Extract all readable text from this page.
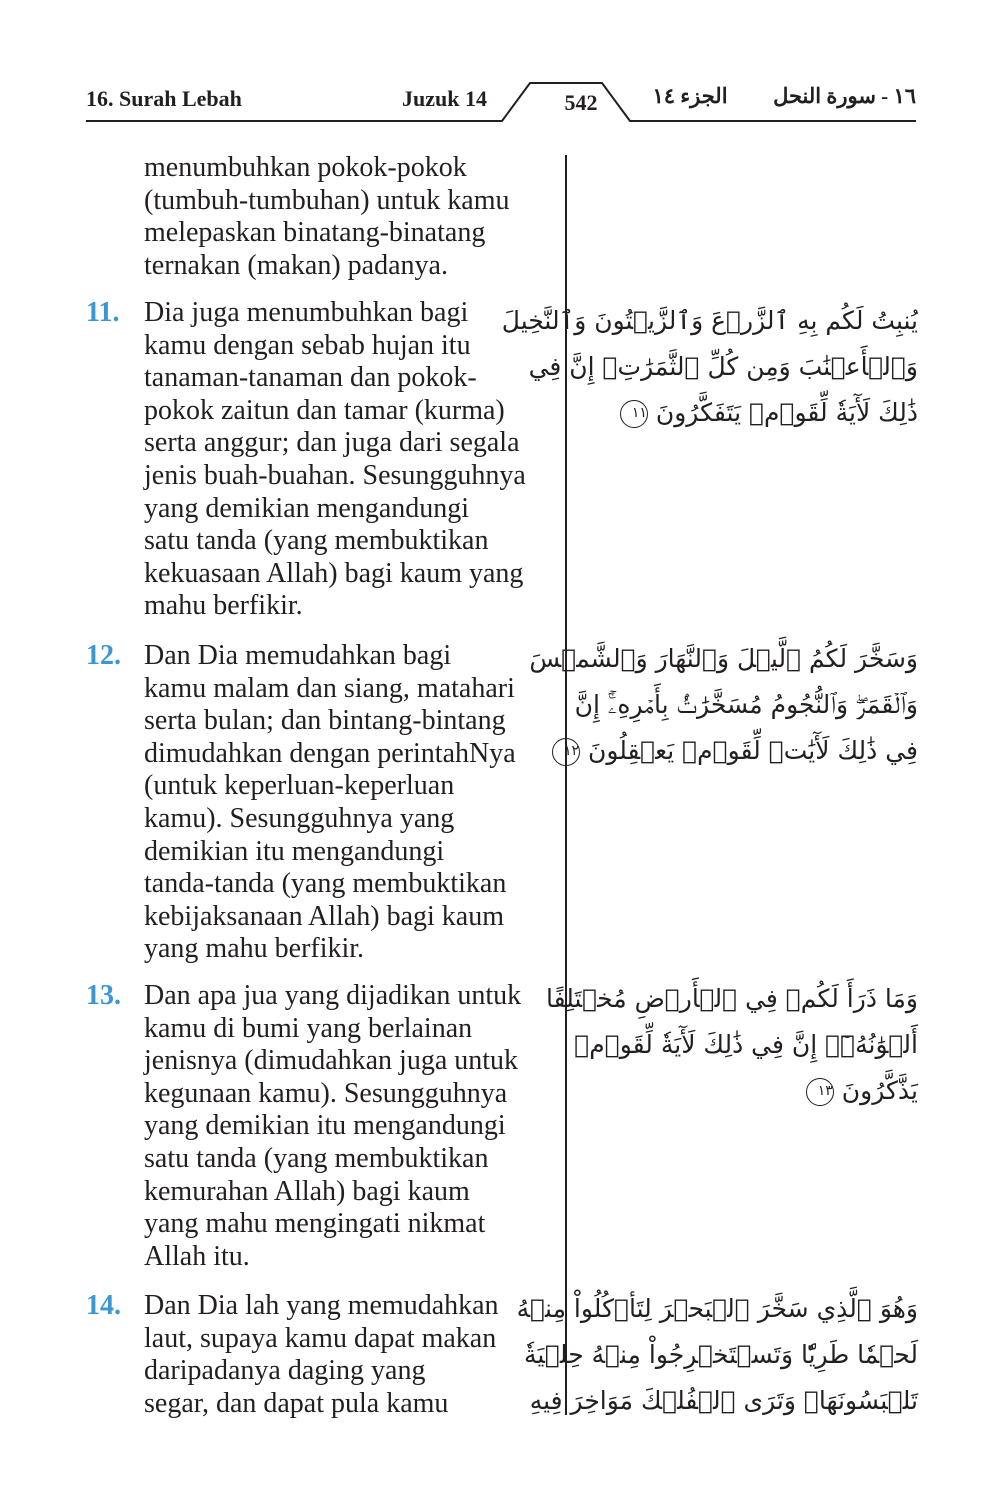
16. Surah Lebah	Juzuk 14	542	الجزء ١٤	١٦ - سورة النحل
menumbuhkan pokok-pokok
(tumbuh-tumbuhan) untuk kamu
melepaskan binatang-binatang
ternakan (makan) padanya.
11. Dia juga menumbuhkan bagi
kamu dengan sebab hujan itu
tanaman-tanaman dan pokok-
pokok zaitun dan tamar (kurma)
serta anggur; dan juga dari segala
jenis buah-buahan. Sesungguhnya
yang demikian mengandungi
satu tanda (yang membuktikan
kekuasaan Allah) bagi kaum yang
mahu berfikir.
يُنبِتُ لَكُم بِهِ ٱلزَّرۡعَ وَٱلزَّيۡتُونَ وَٱلنَّخِيلَ
وَٱلۡأَعۡنَٰبَ وَمِن كُلِّ ٱلثَّمَرَٰتِۚ إِنَّ فِي
ذَٰلِكَ لَأٓيَةٗ لِّقَوۡمٖ يَتَفَكَّرُونَ ١١
12. Dan Dia memudahkan bagi
kamu malam dan siang, matahari
serta bulan; dan bintang-bintang
dimudahkan dengan perintahNya
(untuk keperluan-keperluan
kamu). Sesungguhnya yang
demikian itu mengandungi
tanda-tanda (yang membuktikan
kebijaksanaan Allah) bagi kaum
yang mahu berfikir.
وَسَخَّرَ لَكُمُ ٱلَّيۡلَ وَٱلنَّهَارَ وَٱلشَّمۡسَ
وَٱلۡقَمَرَۖ وَٱلنُّجُومُ مُسَخَّرَٰتُۢ بِأَمۡرِهِۦٓۚ إِنَّ
فِي ذَٰلِكَ لَأٓيَٰتٖ لِّقَوۡمٖ يَعۡقِلُونَ ١٢
13. Dan apa jua yang dijadikan untuk
kamu di bumi yang berlainan
jenisnya (dimudahkan juga untuk
kegunaan kamu). Sesungguhnya
yang demikian itu mengandungi
satu tanda (yang membuktikan
kemurahan Allah) bagi kaum
yang mahu mengingati nikmat
Allah itu.
وَمَا ذَرَأَ لَكُمۡ فِي ٱلۡأَرۡضِ مُخۡتَلِفًا
أَلۡوَٰنُهُۥٓۚ إِنَّ فِي ذَٰلِكَ لَأٓيَةٗ لِّقَوۡمٖ
يَذَّكَّرُونَ ١٣
14. Dan Dia lah yang memudahkan
laut, supaya kamu dapat makan
daripadanya daging yang
segar, dan dapat pula kamu
وَهُوَ ٱلَّذِي سَخَّرَ ٱلۡبَحۡرَ لِتَأۡكُلُواْ مِنۡهُ
لَحۡمٗا طَرِيّٗا وَتَسۡتَخۡرِجُواْ مِنۡهُ حِلۡيَةٗ
تَلۡبَسُونَهَاۖ وَتَرَى ٱلۡفُلۡكَ مَوَاخِرَ فِيهِ
